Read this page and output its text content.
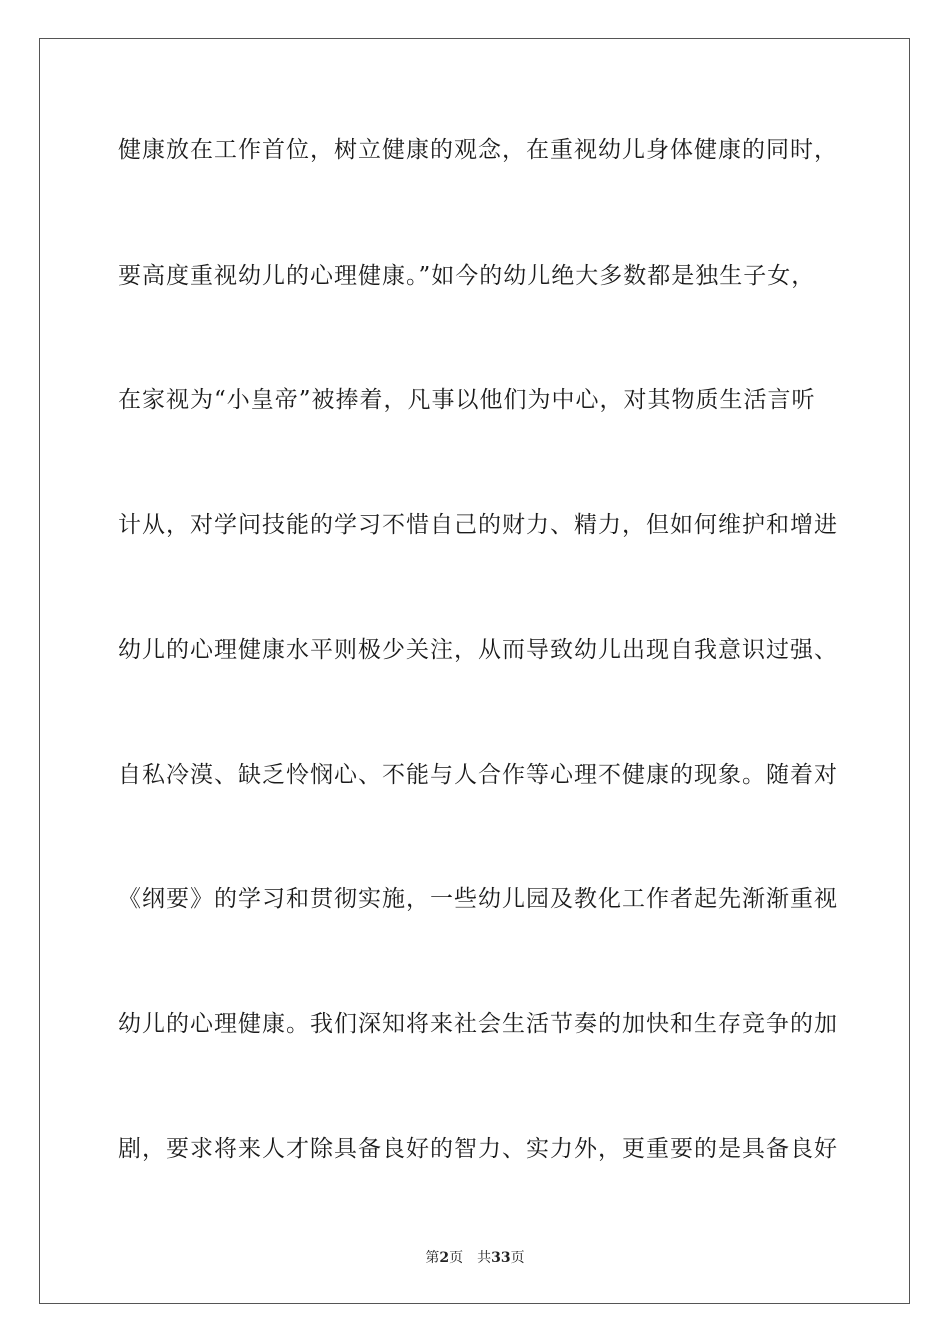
健康放在工作首位，树立健康的观念，在重视幼儿身体健康的同时，
要高度重视幼儿的心理健康。”如今的幼儿绝大多数都是独生子女，
在家视为“小皇帝”被捧着，凡事以他们为中心，对其物质生活言听
计从，对学问技能的学习不惜自己的财力、精力，但如何维护和增进
幼儿的心理健康水平则极少关注，从而导致幼儿出现自我意识过强、
自私冷漠、缺乏怜悯心、不能与人合作等心理不健康的现象。随着对
《纲要》的学习和贯彻实施，一些幼儿园及教化工作者起先渐渐重视
幼儿的心理健康。我们深知将来社会生活节奏的加快和生存竞争的加
剧，要求将来人才除具备良好的智力、实力外，更重要的是具备良好
第2页 共33页
